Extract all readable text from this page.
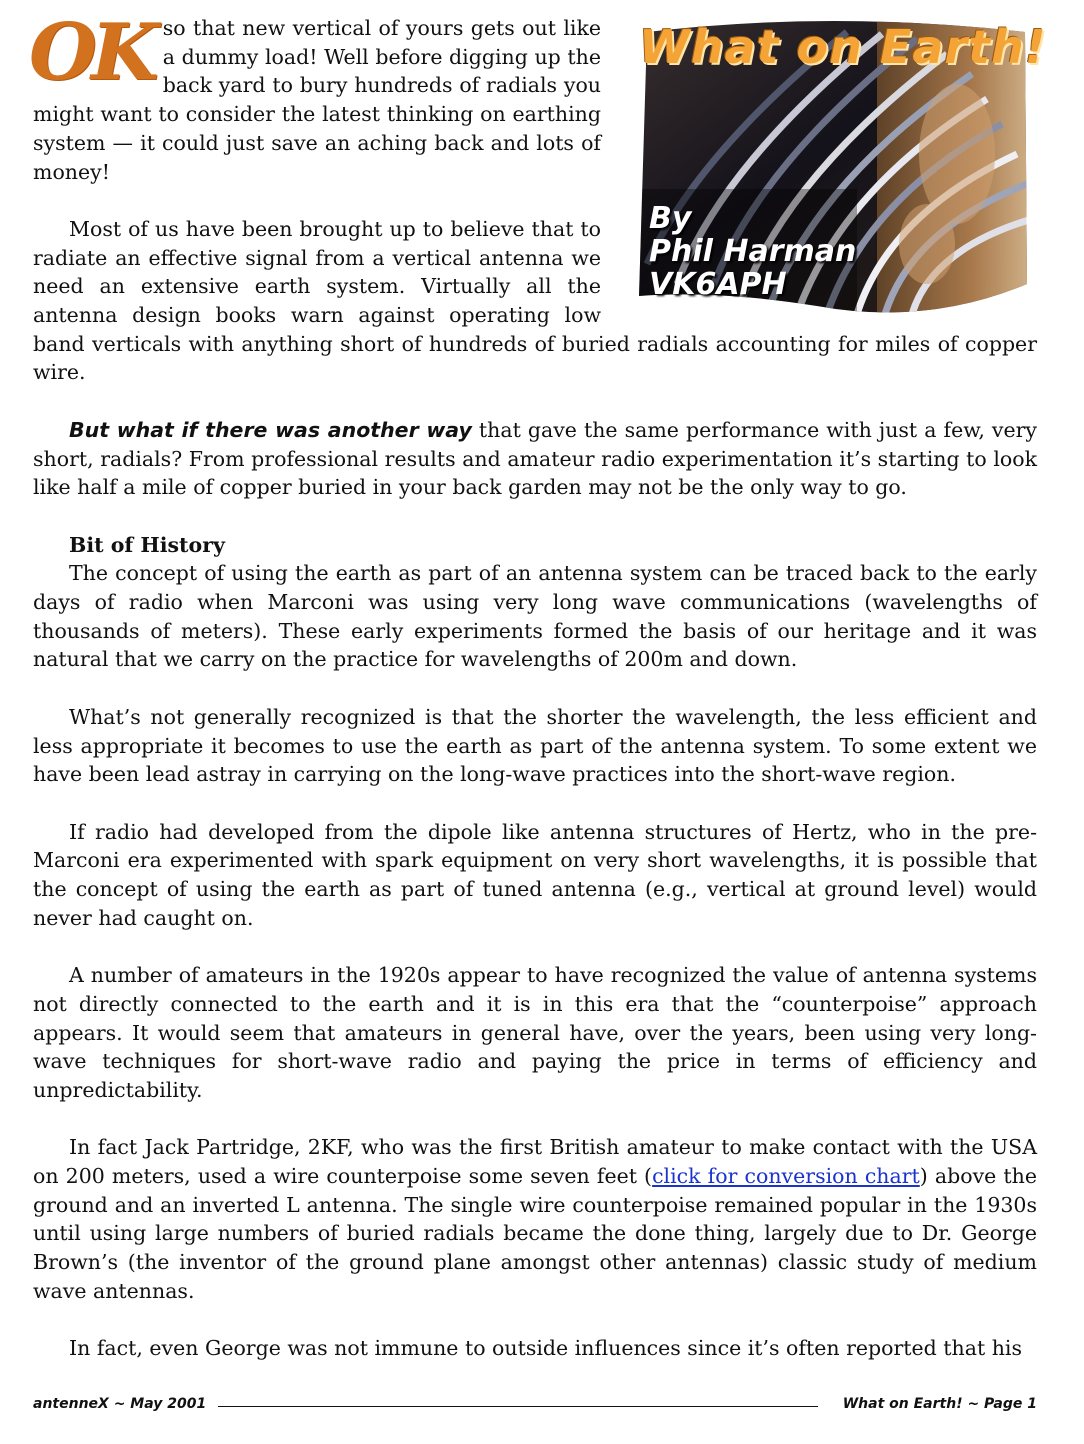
What on Earth!
By
Phil Harman
VK6APH

OK so that new vertical of yours gets out like a dummy load! Well before digging up the back yard to bury hundreds of radials you might want to consider the latest thinking on earthing system — it could just save an aching back and lots of money!

Most of us have been brought up to believe that to radiate an effective signal from a vertical antenna we need an extensive earth system. Virtually all the antenna design books warn against operating low band verticals with anything short of hundreds of buried radials accounting for miles of copper wire.

But what if there was another way that gave the same performance with just a few, very short, radials? From professional results and amateur radio experimentation it’s starting to look like half a mile of copper buried in your back garden may not be the only way to go.

Bit of History

The concept of using the earth as part of an antenna system can be traced back to the early days of radio when Marconi was using very long wave communications (wavelengths of thousands of meters). These early experiments formed the basis of our heritage and it was natural that we carry on the practice for wavelengths of 200m and down.

What’s not generally recognized is that the shorter the wavelength, the less efficient and less appropriate it becomes to use the earth as part of the antenna system. To some extent we have been lead astray in carrying on the long-wave practices into the short-wave region.

If radio had developed from the dipole like antenna structures of Hertz, who in the pre-Marconi era experimented with spark equipment on very short wavelengths, it is possible that the concept of using the earth as part of tuned antenna (e.g., vertical at ground level) would never had caught on.

A number of amateurs in the 1920s appear to have recognized the value of antenna systems not directly connected to the earth and it is in this era that the “counterpoise” approach appears. It would seem that amateurs in general have, over the years, been using very long-wave techniques for short-wave radio and paying the price in terms of efficiency and unpredictability.

In fact Jack Partridge, 2KF, who was the first British amateur to make contact with the USA on 200 meters, used a wire counterpoise some seven feet (click for conversion chart) above the ground and an inverted L antenna. The single wire counterpoise remained popular in the 1930s until using large numbers of buried radials became the done thing, largely due to Dr. George Brown’s (the inventor of the ground plane amongst other antennas) classic study of medium wave antennas.

In fact, even George was not immune to outside influences since it’s often reported that his

antenneX ~ May 2001	What on Earth! ~ Page 1
